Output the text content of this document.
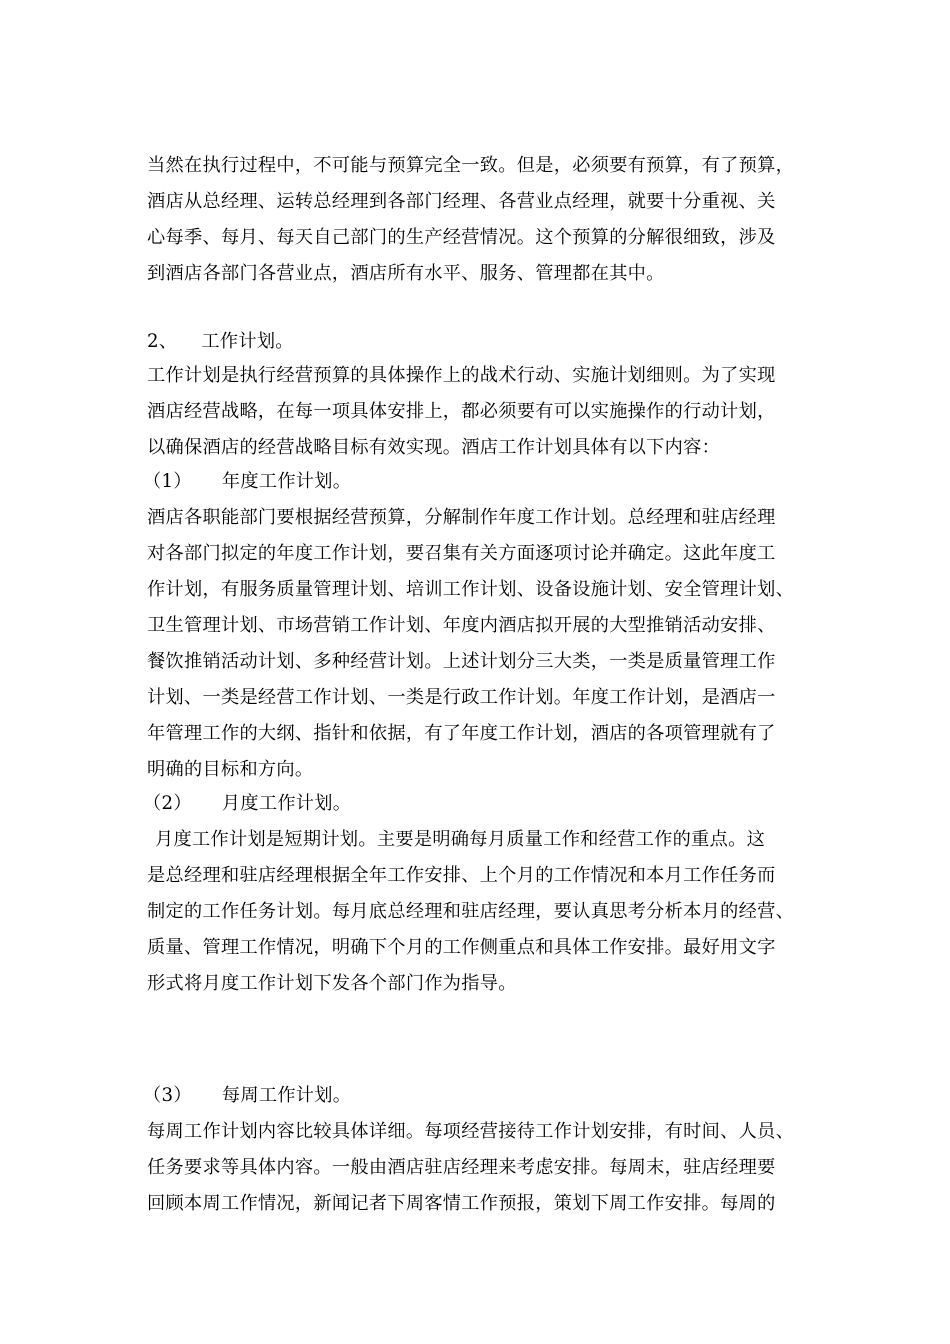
当然在执行过程中，不可能与预算完全一致。但是，必须要有预算，有了预算，
酒店从总经理、运转总经理到各部门经理、各营业点经理，就要十分重视、关
心每季、每月、每天自己部门的生产经营情况。这个预算的分解很细致，涉及
到酒店各部门各营业点，酒店所有水平、服务、管理都在其中。
2、 工作计划。
工作计划是执行经营预算的具体操作上的战术行动、实施计划细则。为了实现
酒店经营战略，在每一项具体安排上，都必须要有可以实施操作的行动计划，
以确保酒店的经营战略目标有效实现。酒店工作计划具体有以下内容：
（1） 年度工作计划。
酒店各职能部门要根据经营预算，分解制作年度工作计划。总经理和驻店经理
对各部门拟定的年度工作计划，要召集有关方面逐项讨论并确定。这此年度工
作计划，有服务质量管理计划、培训工作计划、设备设施计划、安全管理计划、
卫生管理计划、市场营销工作计划、年度内酒店拟开展的大型推销活动安排、
餐饮推销活动计划、多种经营计划。上述计划分三大类，一类是质量管理工作
计划、一类是经营工作计划、一类是行政工作计划。年度工作计划，是酒店一
年管理工作的大纲、指针和依据，有了年度工作计划，酒店的各项管理就有了
明确的目标和方向。
（2） 月度工作计划。
月度工作计划是短期计划。主要是明确每月质量工作和经营工作的重点。这
是总经理和驻店经理根据全年工作安排、上个月的工作情况和本月工作任务而
制定的工作任务计划。每月底总经理和驻店经理，要认真思考分析本月的经营、
质量、管理工作情况，明确下个月的工作侧重点和具体工作安排。最好用文字
形式将月度工作计划下发各个部门作为指导。
（3） 每周工作计划。
每周工作计划内容比较具体详细。每项经营接待工作计划安排，有时间、人员、
任务要求等具体内容。一般由酒店驻店经理来考虑安排。每周末，驻店经理要
回顾本周工作情况，新闻记者下周客情工作预报，策划下周工作安排。每周的
